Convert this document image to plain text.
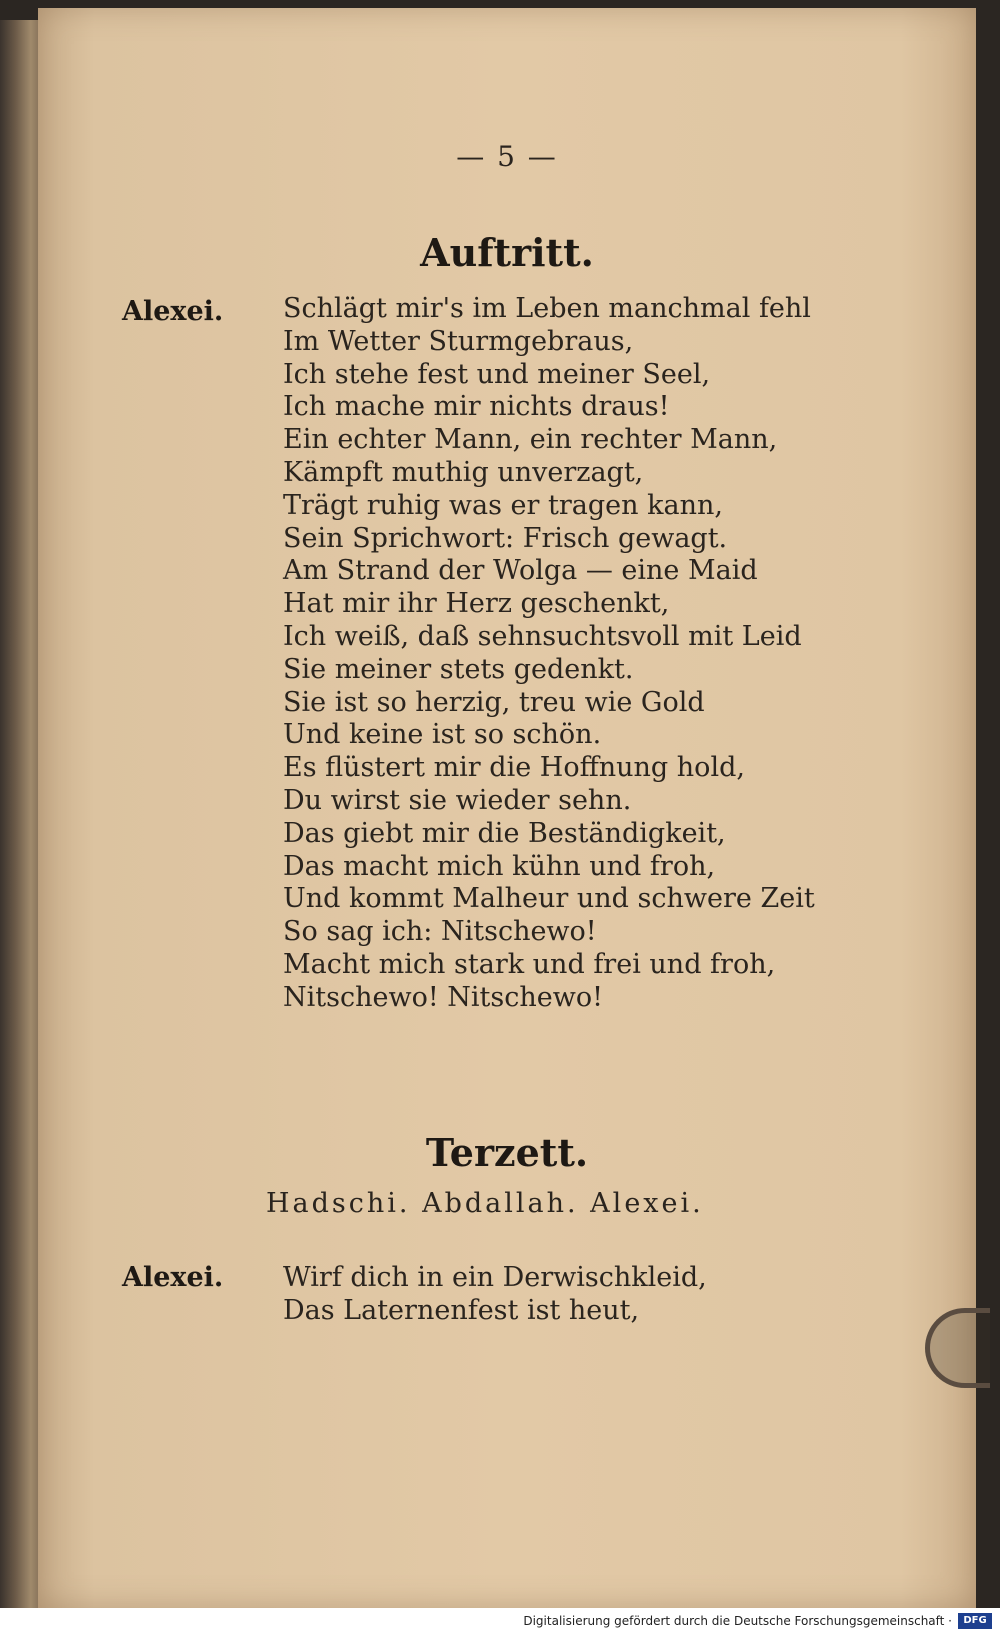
— 5 —
Auftritt.
Alexei. Schlägt mir's im Leben manchmal fehl
Im Wetter Sturmgebraus,
Ich stehe fest und meiner Seel,
Ich mache mir nichts draus!
Ein echter Mann, ein rechter Mann,
Kämpft muthig unverzagt,
Trägt ruhig was er tragen kann,
Sein Sprichwort: Frisch gewagt.
Am Strand der Wolga — eine Maid
Hat mir ihr Herz geschenkt,
Ich weiß, daß sehnsuchtsvoll mit Leid
Sie meiner stets gedenkt.
Sie ist so herzig, treu wie Gold
Und keine ist so schön.
Es flüstert mir die Hoffnung hold,
Du wirst sie wieder sehn.
Das giebt mir die Beständigkeit,
Das macht mich kühn und froh,
Und kommt Malheur und schwere Zeit
So sag ich: Nitschewo!
Macht mich stark und frei und froh,
Nitschewo! Nitschewo!
Terzett.
Hadschi. Abdallah. Alexei.
Alexei. Wirf dich in ein Derwischkleid,
Das Laternenfest ist heut,
Digitalisierung gefördert durch die Deutsche Forschungsgemeinschaft ·	DFG
